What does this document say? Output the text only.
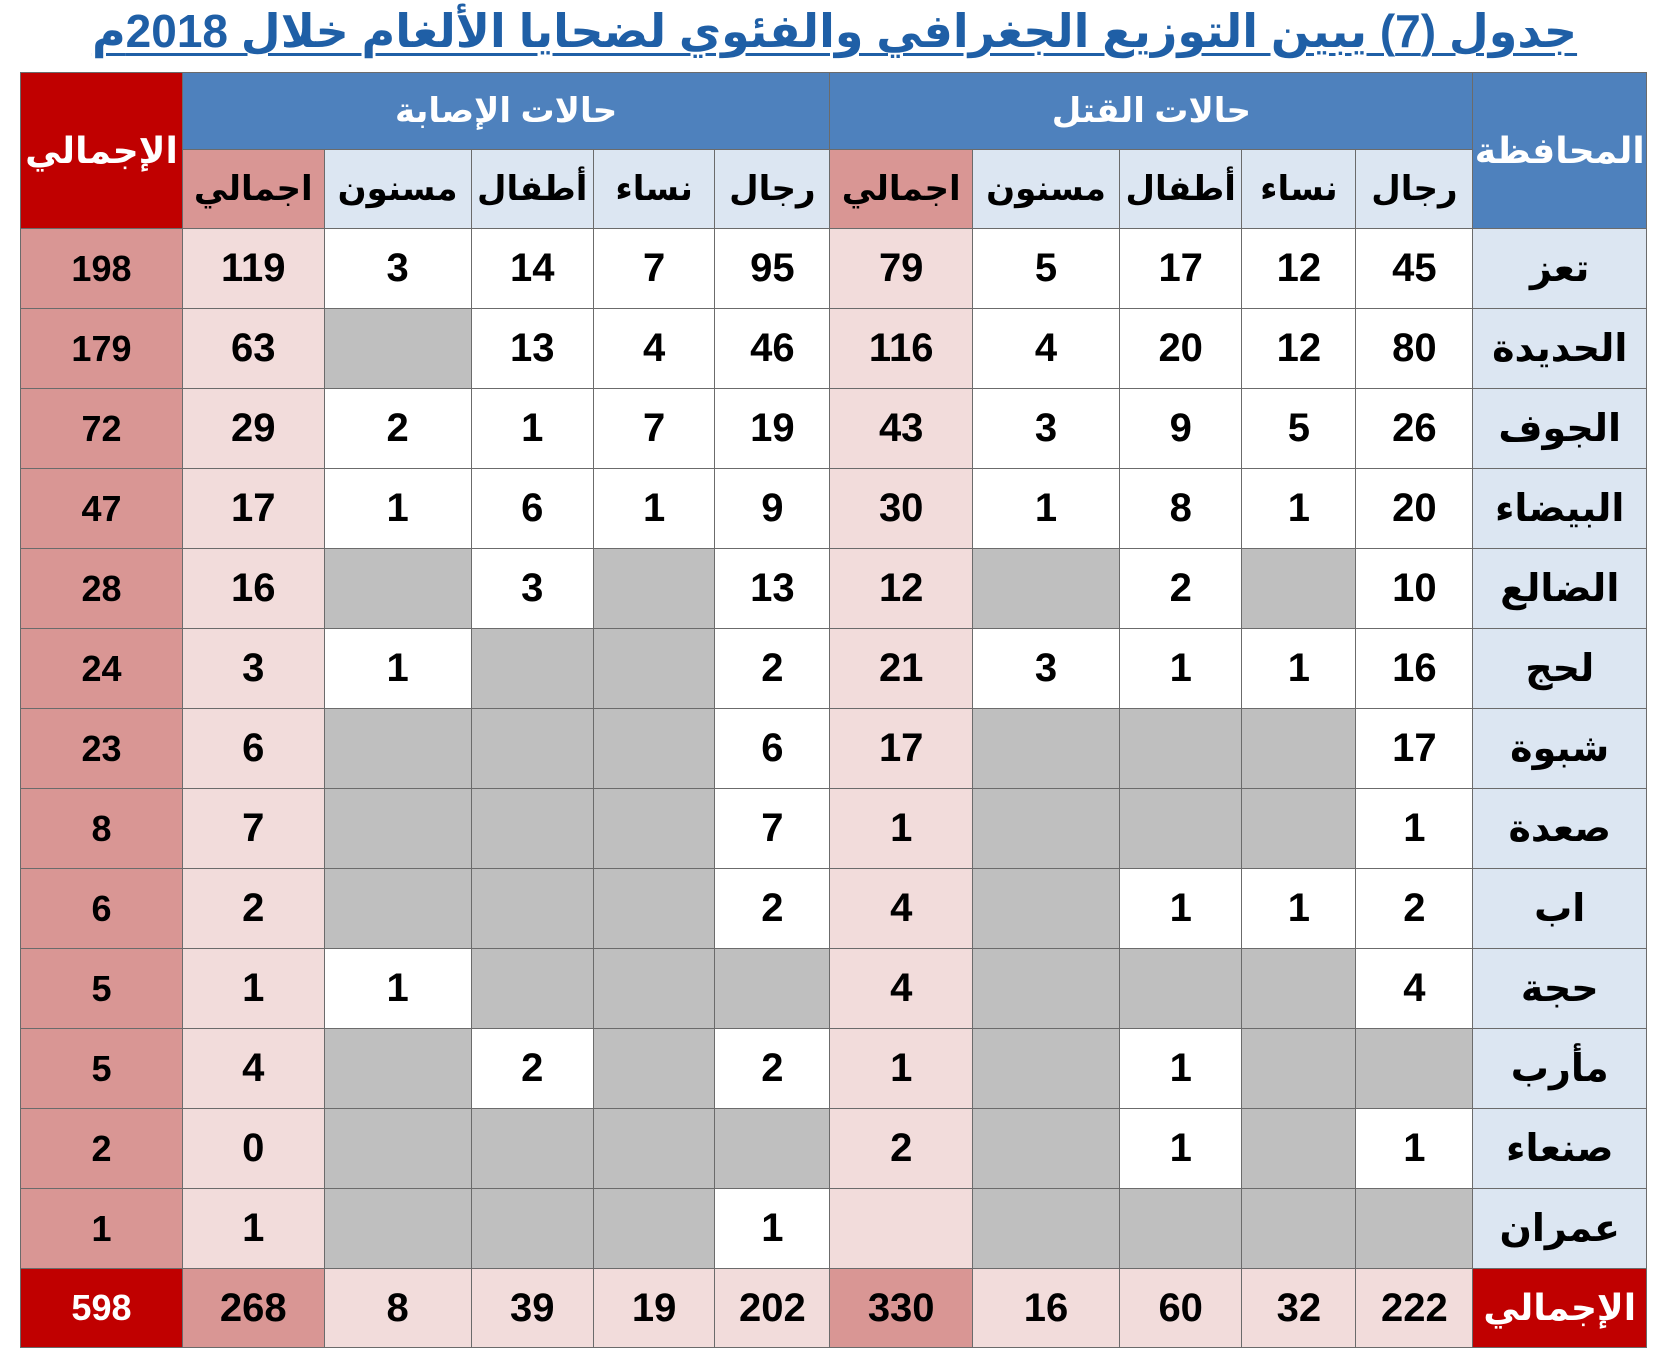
جدول (7) يبين التوزيع الجغرافي والفئوي لضحايا الألغام خلال 2018م
المحافظة	حالات القتل					حالات الإصابة					الإجمالي
	رجال	نساء	أطفال	مسنون	اجمالي	رجال	نساء	أطفال	مسنون	اجمالي	
تعز	45	12	17	5	79	95	7	14	3	119	198
الحديدة	80	12	20	4	116	46	4	13		63	179
الجوف	26	5	9	3	43	19	7	1	2	29	72
البيضاء	20	1	8	1	30	9	1	6	1	17	47
الضالع	10		2		12	13		3		16	28
لحج	16	1	1	3	21	2			1	3	24
شبوة	17				17	6				6	23
صعدة	1				1	7				7	8
اب	2	1	1		4	2				2	6
حجة	4				4				1	1	5
مأرب			1		1	2		2		4	5
صنعاء	1		1		2					0	2
عمران						1				1	1
الإجمالي	222	32	60	16	330	202	19	39	8	268	598
